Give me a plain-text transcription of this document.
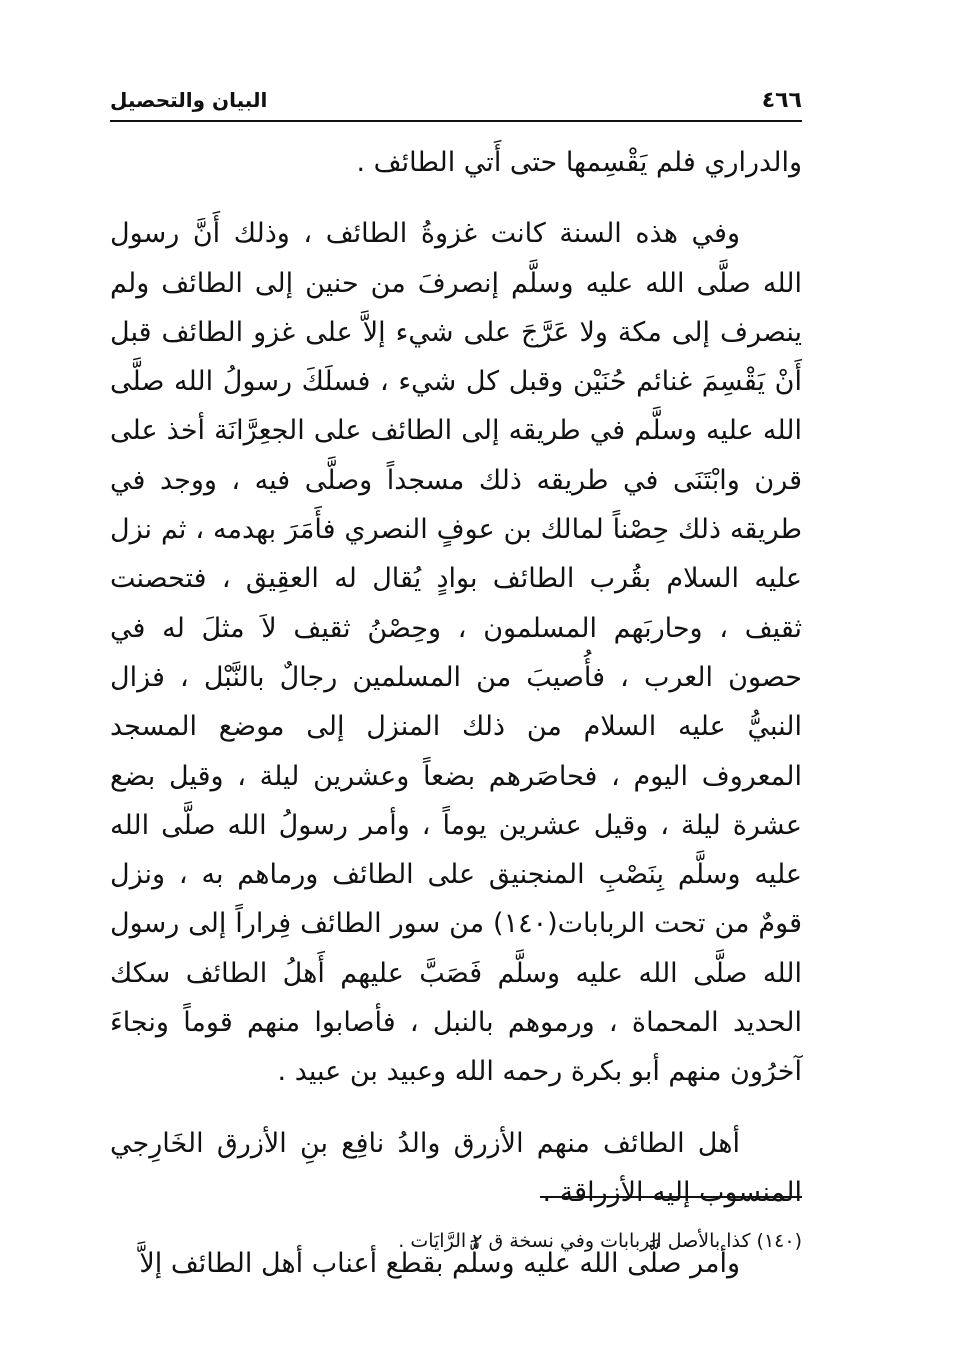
٤٦٦
البيان والتحصيل

والدراري فلم يَقْسِمها حتى أَتي الطائف .

وفي هذه السنة كانت غزوةُ الطائف ، وذلك أَنَّ رسول الله صلَّى الله عليه وسلَّم إنصرفَ من حنين إلى الطائف ولم ينصرف إلى مكة ولا عَرَّجَ على شيء إلاَّ على غزو الطائف قبل أَنْ يَقْسِمَ غنائم حُنَيْن وقبل كل شيء ، فسلَكَ رسولُ الله صلَّى الله عليه وسلَّم في طريقه إلى الطائف على الجعِرَّانَة أخذ على قرن وابْتَنَى في طريقه ذلك مسجداً وصلَّى فيه ، ووجد في طريقه ذلك حِصْناً لمالك بن عوفٍ النصري فأَمَرَ بهدمه ، ثم نزل عليه السلام بقُرب الطائف بوادٍ يُقال له العقِيق ، فتحصنت ثقيف ، وحاربَهم المسلمون ، وحِصْنُ ثقيف لاَ مثلَ له في حصون العرب ، فأُصيبَ من المسلمين رجالٌ بالنَّبْل ، فزال النبيُّ عليه السلام من ذلك المنزل إلى موضع المسجد المعروف اليوم ، فحاصَرهم بضعاً وعشرين ليلة ، وقيل بضع عشرة ليلة ، وقيل عشرين يوماً ، وأمر رسولُ الله صلَّى الله عليه وسلَّم بِنَصْبِ المنجنيق على الطائف ورماهم به ، ونزل قومٌ من تحت الربابات(١٤٠) من سور الطائف فِراراً إلى رسول الله صلَّى الله عليه وسلَّم فَصَبَّ عليهم أَهلُ الطائف سكك الحديد المحماة ، ورموهم بالنبل ، فأصابوا منهم قوماً ونجاءَ آخرُون منهم أبو بكرة رحمه الله وعبيد بن عبيد .

أهل الطائف منهم الأزرق والدُ نافِع بنِ الأزرق الخَارِجي المنسوب إليه الأزراقة .

وأمر صلَّى الله عليه وسلَّم بقطع أعناب أهل الطائف إلاَّ

(١٤٠) كذا بالأصل الربابات وفي نسخة ق ٢ الرَّايَات .
